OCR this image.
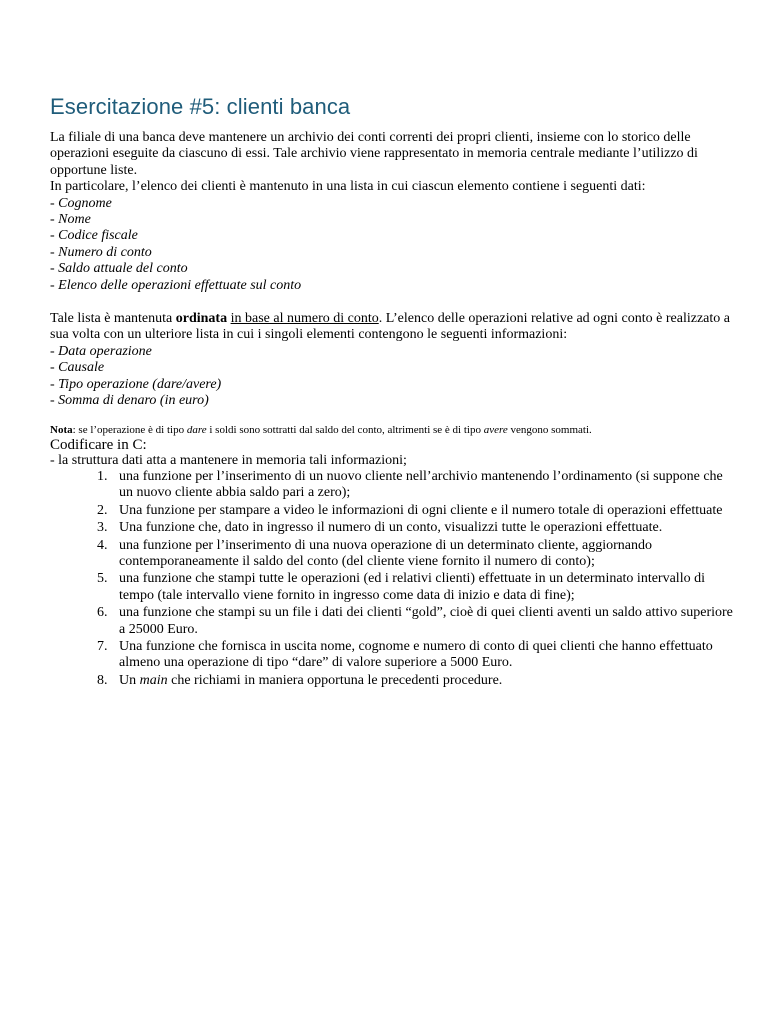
Esercitazione #5: clienti banca

La filiale di una banca deve mantenere un archivio dei conti correnti dei propri clienti, insieme con lo storico delle operazioni eseguite da ciascuno di essi. Tale archivio viene rappresentato in memoria centrale mediante l’utilizzo di opportune liste.

In particolare, l’elenco dei clienti è mantenuto in una lista in cui ciascun elemento contiene i seguenti dati:

- Cognome
- Nome
- Codice fiscale
- Numero di conto
- Saldo attuale del conto
- Elenco delle operazioni effettuate sul conto

Tale lista è mantenuta ordinata in base al numero di conto. L’elenco delle operazioni relative ad ogni conto è realizzato a sua volta con un ulteriore lista in cui i singoli elementi contengono le seguenti informazioni:

- Data operazione
- Causale
- Tipo operazione (dare/avere)
- Somma di denaro (in euro)

Nota: se l’operazione è di tipo dare i soldi sono sottratti dal saldo del conto, altrimenti se è di tipo avere vengono sommati.

Codificare in C:

- la struttura dati atta a mantenere in memoria tali informazioni;

1. una funzione per l’inserimento di un nuovo cliente nell’archivio mantenendo l’ordinamento (si suppone che un nuovo cliente abbia saldo pari a zero);
2. Una funzione per stampare a video le informazioni di ogni cliente e il numero totale di operazioni effettuate
3. Una funzione che, dato in ingresso il numero di un conto, visualizzi tutte le operazioni effettuate.
4. una funzione per l’inserimento di una nuova operazione di un determinato cliente, aggiornando contemporaneamente il saldo del conto (del cliente viene fornito il numero di conto);
5. una funzione che stampi tutte le operazioni (ed i relativi clienti) effettuate in un determinato intervallo di tempo (tale intervallo viene fornito in ingresso come data di inizio e data di fine);
6. una funzione che stampi su un file i dati dei clienti “gold”, cioè di quei clienti aventi un saldo attivo superiore a 25000 Euro.
7. Una funzione che fornisca in uscita nome, cognome e numero di conto di quei clienti che hanno effettuato almeno una operazione di tipo “dare” di valore superiore a 5000 Euro.
8. Un main che richiami in maniera opportuna le precedenti procedure.
